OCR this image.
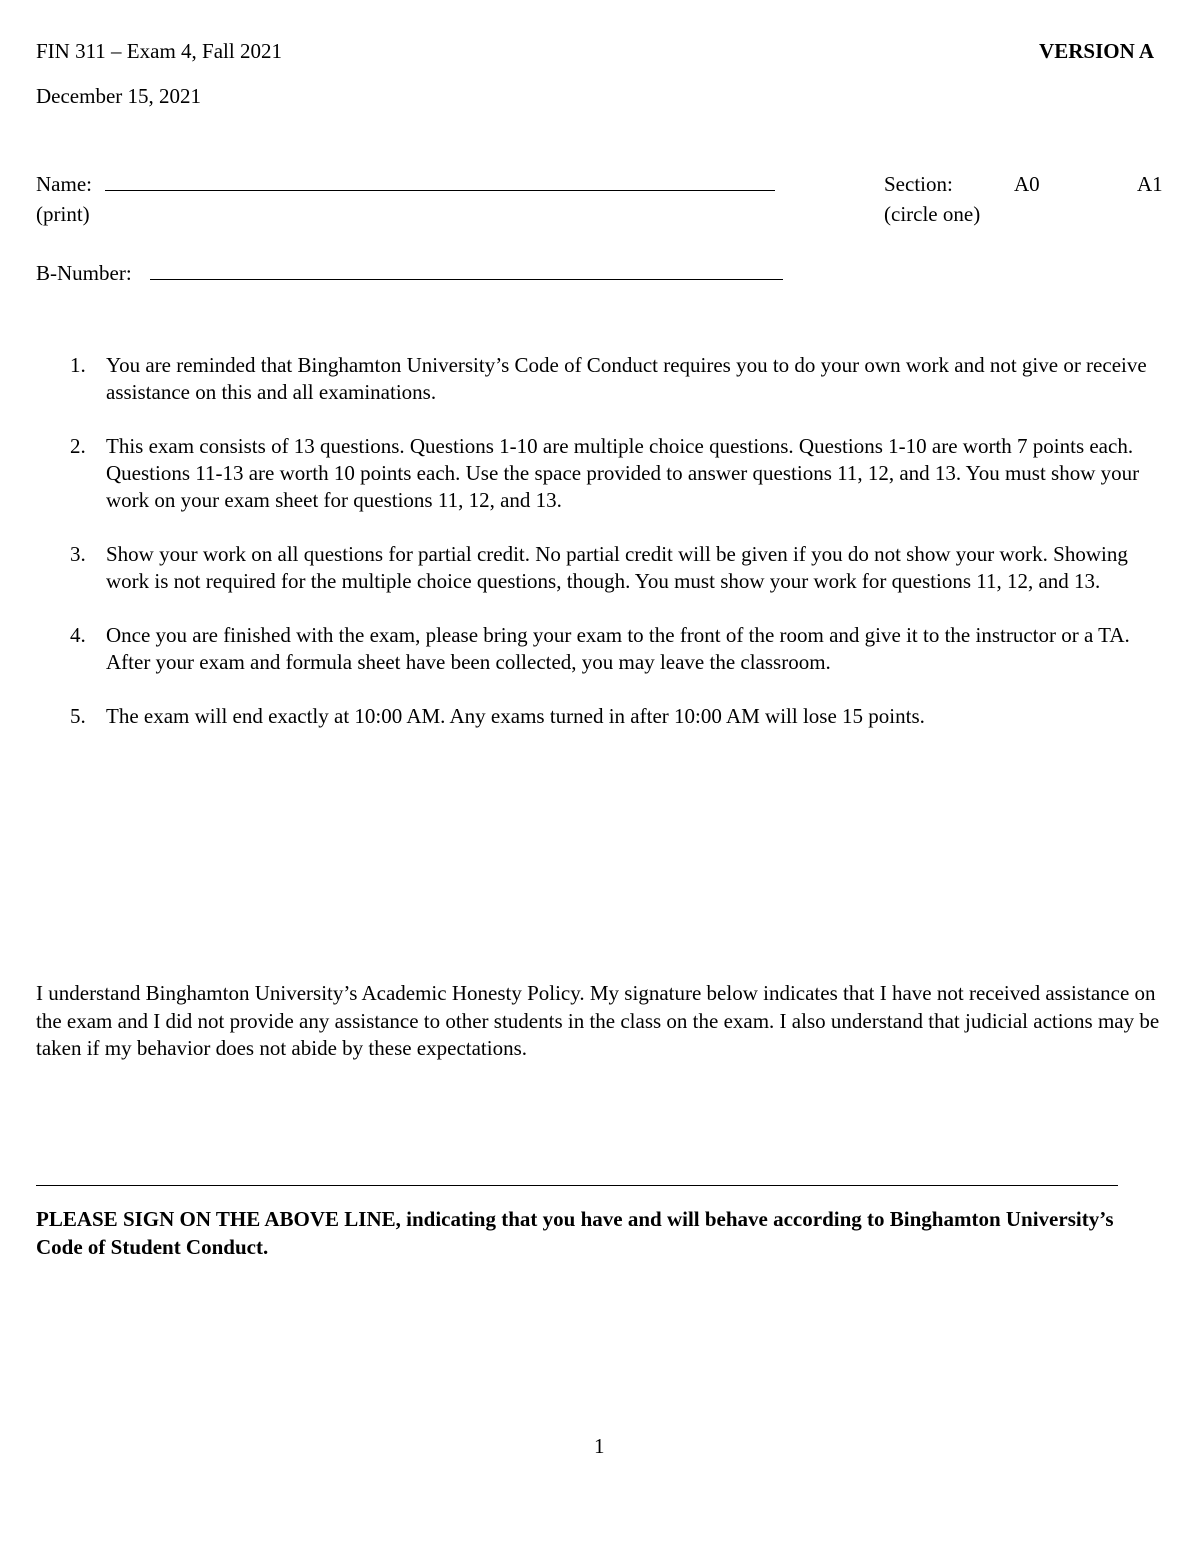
FIN 311 – Exam 4, Fall 2021	VERSION A
December 15, 2021
Name:
(print)
Section:	A0	A1
(circle one)
B-Number:
1. You are reminded that Binghamton University’s Code of Conduct requires you to do your own work and not give or receive assistance on this and all examinations.
2. This exam consists of 13 questions. Questions 1-10 are multiple choice questions. Questions 1-10 are worth 7 points each. Questions 11-13 are worth 10 points each. Use the space provided to answer questions 11, 12, and 13. You must show your work on your exam sheet for questions 11, 12, and 13.
3. Show your work on all questions for partial credit. No partial credit will be given if you do not show your work. Showing work is not required for the multiple choice questions, though. You must show your work for questions 11, 12, and 13.
4. Once you are finished with the exam, please bring your exam to the front of the room and give it to the instructor or a TA. After your exam and formula sheet have been collected, you may leave the classroom.
5. The exam will end exactly at 10:00 AM. Any exams turned in after 10:00 AM will lose 15 points.
I understand Binghamton University’s Academic Honesty Policy. My signature below indicates that I have not received assistance on the exam and I did not provide any assistance to other students in the class on the exam. I also understand that judicial actions may be taken if my behavior does not abide by these expectations.
PLEASE SIGN ON THE ABOVE LINE, indicating that you have and will behave according to Binghamton University’s Code of Student Conduct.
1
